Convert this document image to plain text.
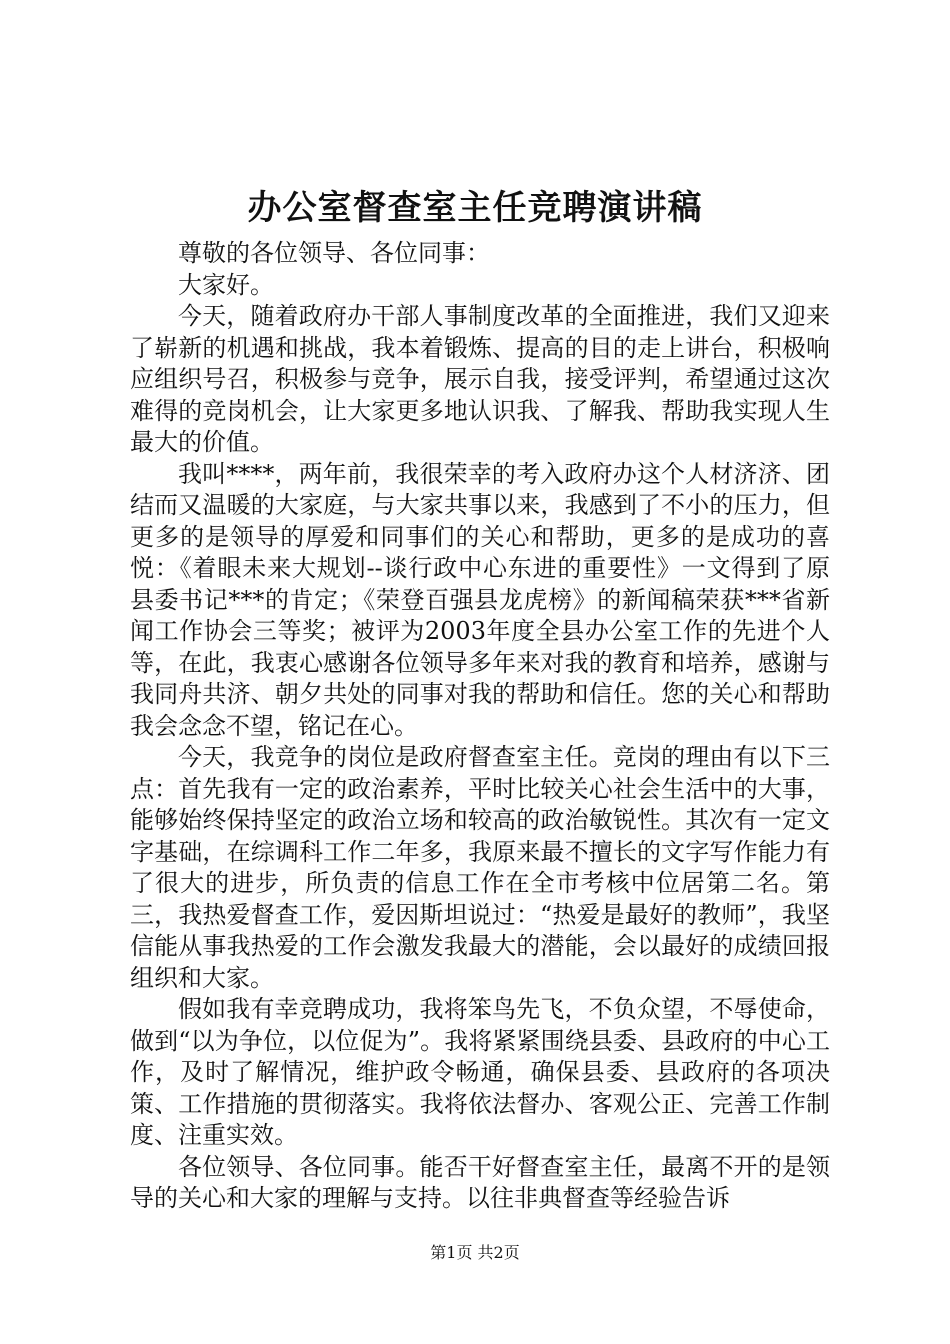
办公室督查室主任竞聘演讲稿

尊敬的各位领导、各位同事：

大家好。

今天，随着政府办干部人事制度改革的全面推进，我们又迎来了崭新的机遇和挑战，我本着锻炼、提高的目的走上讲台，积极响应组织号召，积极参与竞争，展示自我，接受评判，希望通过这次难得的竞岗机会，让大家更多地认识我、了解我、帮助我实现人生最大的价值。

我叫****，两年前，我很荣幸的考入政府办这个人材济济、团结而又温暖的大家庭，与大家共事以来，我感到了不小的压力，但更多的是领导的厚爱和同事们的关心和帮助，更多的是成功的喜悦：《着眼未来大规划--谈行政中心东进的重要性》一文得到了原县委书记***的肯定；《荣登百强县龙虎榜》的新闻稿荣获***省新闻工作协会三等奖；被评为2003年度全县办公室工作的先进个人等，在此，我衷心感谢各位领导多年来对我的教育和培养，感谢与我同舟共济、朝夕共处的同事对我的帮助和信任。您的关心和帮助我会念念不望，铭记在心。

今天，我竞争的岗位是政府督查室主任。竞岗的理由有以下三点：首先我有一定的政治素养，平时比较关心社会生活中的大事，能够始终保持坚定的政治立场和较高的政治敏锐性。其次有一定文字基础，在综调科工作二年多，我原来最不擅长的文字写作能力有了很大的进步，所负责的信息工作在全市考核中位居第二名。第三，我热爱督查工作，爱因斯坦说过：“热爱是最好的教师”，我坚信能从事我热爱的工作会激发我最大的潜能，会以最好的成绩回报组织和大家。

假如我有幸竞聘成功，我将笨鸟先飞，不负众望，不辱使命，做到“以为争位，以位促为”。我将紧紧围绕县委、县政府的中心工作，及时了解情况，维护政令畅通，确保县委、县政府的各项决策、工作措施的贯彻落实。我将依法督办、客观公正、完善工作制度、注重实效。

各位领导、各位同事。能否干好督查室主任，最离不开的是领导的关心和大家的理解与支持。以往非典督查等经验告诉

第1页 共2页
